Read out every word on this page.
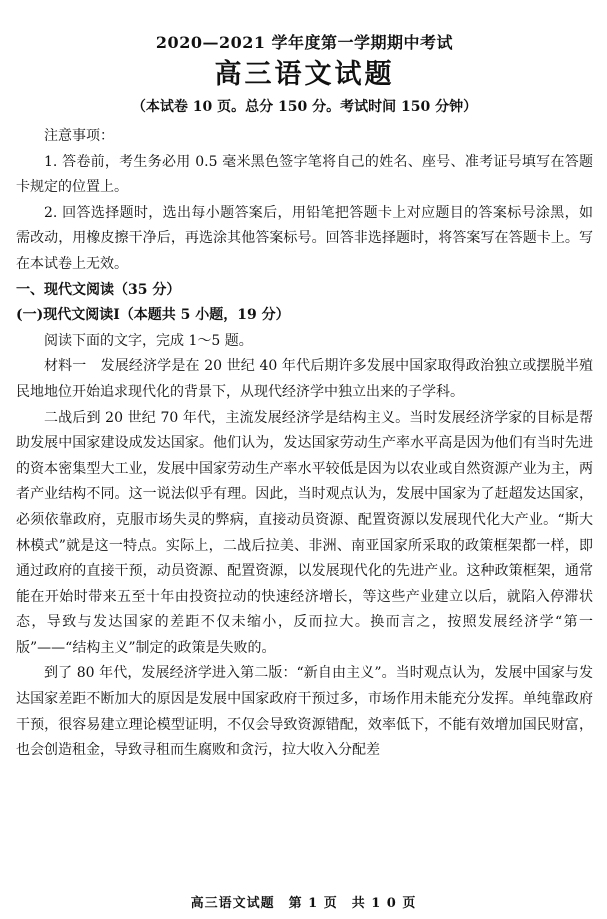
2020—2021 学年度第一学期期中考试
高三语文试题
（本试卷 10 页。总分 150 分。考试时间 150 分钟）

注意事项：

1. 答卷前，考生务必用 0.5 毫米黑色签字笔将自己的姓名、座号、准考证号填写在答题卡规定的位置上。

2. 回答选择题时，选出每小题答案后，用铅笔把答题卡上对应题目的答案标号涂黑，如需改动，用橡皮擦干净后，再选涂其他答案标号。回答非选择题时，将答案写在答题卡上。写在本试卷上无效。

一、现代文阅读（35 分）

(一)现代文阅读Ⅰ（本题共 5 小题，19 分）

阅读下面的文字，完成 1～5 题。

材料一　发展经济学是在 20 世纪 40 年代后期许多发展中国家取得政治独立或摆脱半殖民地地位开始追求现代化的背景下，从现代经济学中独立出来的子学科。

二战后到 20 世纪 70 年代，主流发展经济学是结构主义。当时发展经济学家的目标是帮助发展中国家建设成发达国家。他们认为，发达国家劳动生产率水平高是因为他们有当时先进的资本密集型大工业，发展中国家劳动生产率水平较低是因为以农业或自然资源产业为主，两者产业结构不同。这一说法似乎有理。因此，当时观点认为，发展中国家为了赶超发达国家，必须依靠政府，克服市场失灵的弊病，直接动员资源、配置资源以发展现代化大产业。“斯大林模式”就是这一特点。实际上，二战后拉美、非洲、南亚国家所采取的政策框架都一样，即通过政府的直接干预，动员资源、配置资源，以发展现代化的先进产业。这种政策框架，通常能在开始时带来五至十年由投资拉动的快速经济增长，等这些产业建立以后，就陷入停滞状态，导致与发达国家的差距不仅未缩小，反而拉大。换而言之，按照发展经济学“第一版”——“结构主义”制定的政策是失败的。

到了 80 年代，发展经济学进入第二版：“新自由主义”。当时观点认为，发展中国家与发达国家差距不断加大的原因是发展中国家政府干预过多，市场作用未能充分发挥。单纯靠政府干预，很容易建立理论模型证明，不仅会导致资源错配，效率低下，不能有效增加国民财富，也会创造租金，导致寻租而生腐败和贪污，拉大收入分配差

高三语文试题　第 1 页　共 1 0 页
